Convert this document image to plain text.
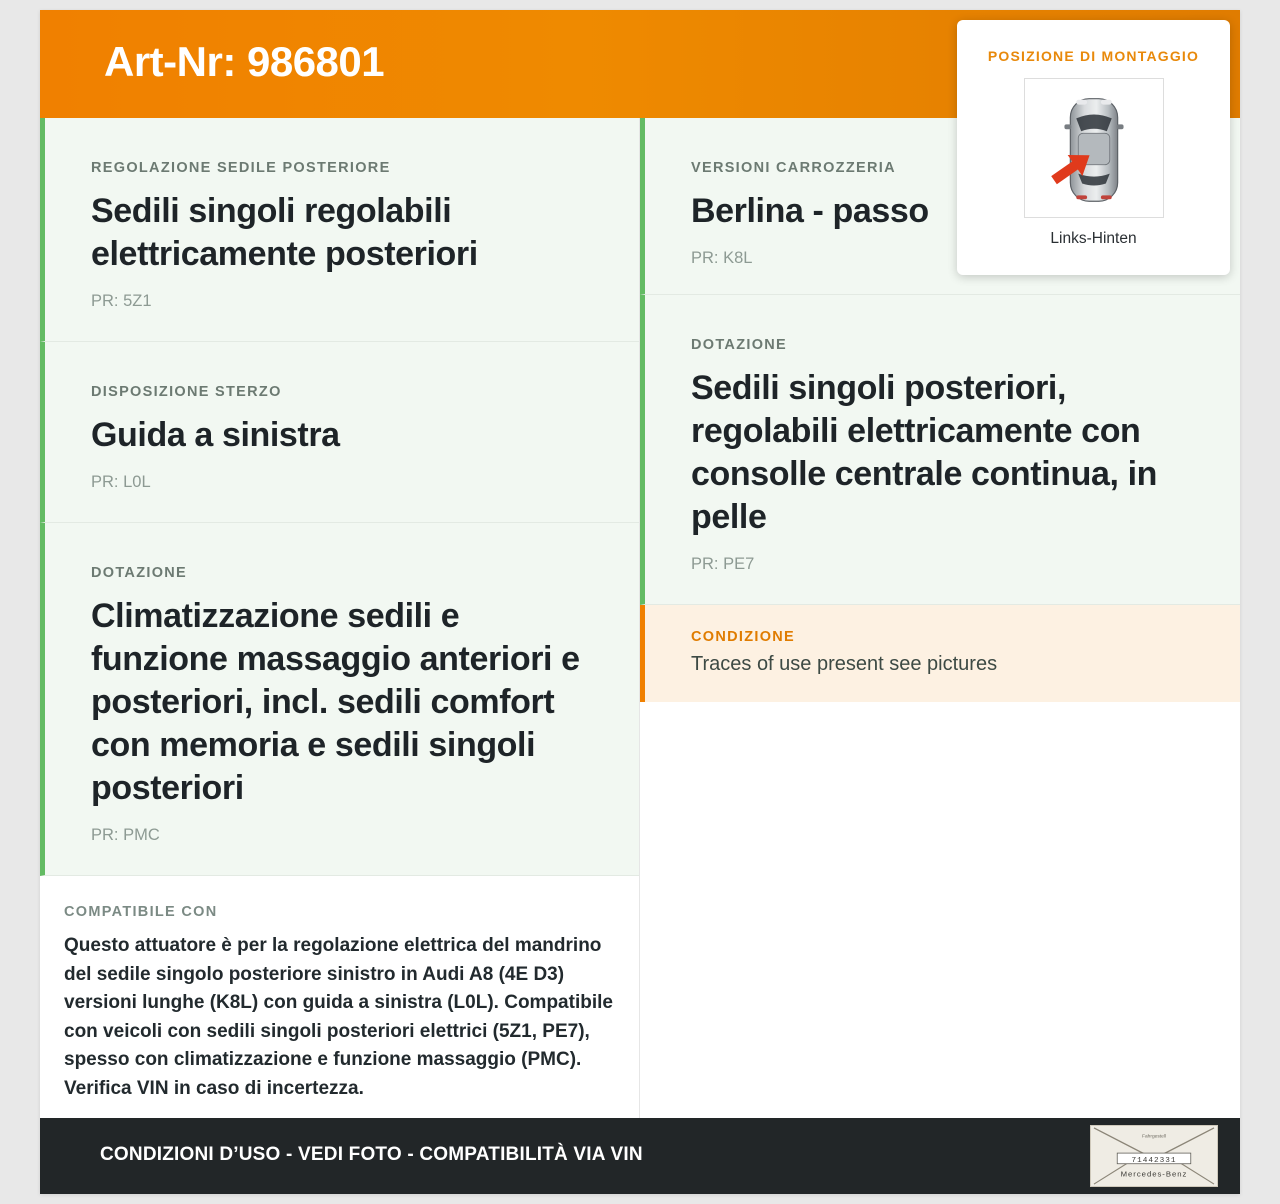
Art-Nr: 986801
REGOLAZIONE SEDILE POSTERIORE
Sedili singoli regolabili elettricamente posteriori
PR: 5Z1
DISPOSIZIONE STERZO
Guida a sinistra
PR: L0L
DOTAZIONE
Climatizzazione sedili e funzione massaggio anteriori e posteriori, incl. sedili comfort con memoria e sedili singoli posteriori
PR: PMC
COMPATIBILE CON
Questo attuatore è per la regolazione elettrica del mandrino del sedile singolo posteriore sinistro in Audi A8 (4E D3) versioni lunghe (K8L) con guida a sinistra (L0L). Compatibile con veicoli con sedili singoli posteriori elettrici (5Z1, PE7), spesso con climatizzazione e funzione massaggio (PMC). Verifica VIN in caso di incertezza.
VERSIONI CARROZZERIA
Berlina - passo
PR: K8L
DOTAZIONE
Sedili singoli posteriori, regolabili elettricamente con consolle centrale continua, in pelle
PR: PE7
CONDIZIONE
Traces of use present see pictures
POSIZIONE DI MONTAGGIO
Links-Hinten
CONDIZIONI D’USO - VEDI FOTO - COMPATIBILITÀ VIA VIN
Fahrgestell
71442331
Mercedes-Benz
